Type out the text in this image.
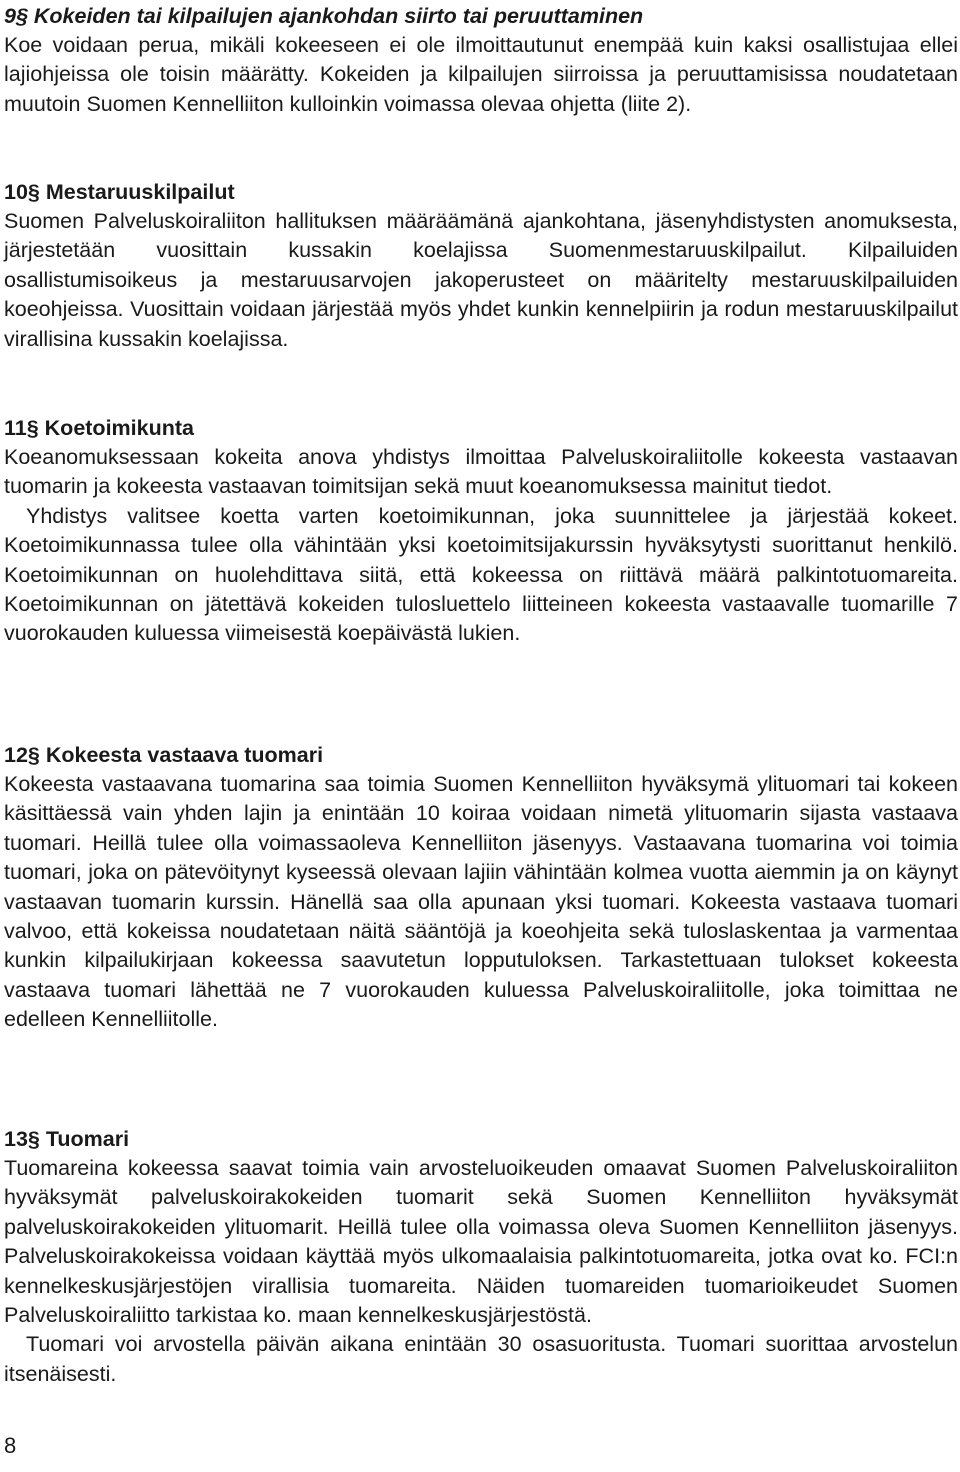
9§ Kokeiden tai kilpailujen ajankohdan siirto tai peruuttaminen

Koe voidaan perua, mikäli kokeeseen ei ole ilmoittautunut enempää kuin kaksi osallistujaa ellei lajiohjeissa ole toisin määrätty. Kokeiden ja kilpailujen siirroissa ja peruuttamisissa noudatetaan muutoin Suomen Kennelliiton kulloinkin voimassa olevaa ohjetta (liite 2).

10§ Mestaruuskilpailut

Suomen Palveluskoiraliiton hallituksen määräämänä ajankohtana, jäsenyhdistysten anomuksesta, järjestetään vuosittain kussakin koelajissa Suomenmestaruuskilpailut. Kilpailuiden osallistumisoikeus ja mestaruusarvojen jakoperusteet on määritelty mestaruuskilpailuiden koeohjeissa. Vuosittain voidaan järjestää myös yhdet kunkin kennelpiirin ja rodun mestaruuskilpailut virallisina kussakin koelajissa.

11§ Koetoimikunta

Koeanomuksessaan kokeita anova yhdistys ilmoittaa Palveluskoiraliitolle kokeesta vastaavan tuomarin ja kokeesta vastaavan toimitsijan sekä muut koeanomuksessa mainitut tiedot.

Yhdistys valitsee koetta varten koetoimikunnan, joka suunnittelee ja järjestää kokeet. Koetoimikunnassa tulee olla vähintään yksi koetoimitsijakurssin hyväksytysti suorittanut henkilö. Koetoimikunnan on huolehdittava siitä, että kokeessa on riittävä määrä palkintotuomareita. Koetoimikunnan on jätettävä kokeiden tulosluettelo liitteineen kokeesta vastaavalle tuomarille 7 vuorokauden kuluessa viimeisestä koepäivästä lukien.

12§ Kokeesta vastaava tuomari

Kokeesta vastaavana tuomarina saa toimia Suomen Kennelliiton hyväksymä ylituomari tai kokeen käsittäessä vain yhden lajin ja enintään 10 koiraa voidaan nimetä ylituomarin sijasta vastaava tuomari. Heillä tulee olla voimassaoleva Kennelliiton jäsenyys. Vastaavana tuomarina voi toimia tuomari, joka on pätevöitynyt kyseessä olevaan lajiin vähintään kolmea vuotta aiemmin ja on käynyt vastaavan tuomarin kurssin. Hänellä saa olla apunaan yksi tuomari. Kokeesta vastaava tuomari valvoo, että kokeissa noudatetaan näitä sääntöjä ja koeohjeita sekä tuloslaskentaa ja varmentaa kunkin kilpailukirjaan kokeessa saavutetun lopputuloksen. Tarkastettuaan tulokset kokeesta vastaava tuomari lähettää ne 7 vuorokauden kuluessa Palveluskoiraliitolle, joka toimittaa ne edelleen Kennelliitolle.

13§ Tuomari

Tuomareina kokeessa saavat toimia vain arvosteluoikeuden omaavat Suomen Palveluskoiraliiton hyväksymät palveluskoirakokeiden tuomarit sekä Suomen Kennelliiton hyväksymät palveluskoirakokeiden ylituomarit. Heillä tulee olla voimassa oleva Suomen Kennelliiton jäsenyys. Palveluskoirakokeissa voidaan käyttää myös ulkomaalaisia palkintotuomareita, jotka ovat ko. FCI:n kennelkeskusjärjestöjen virallisia tuomareita. Näiden tuomareiden tuomarioikeudet Suomen Palveluskoiraliitto tarkistaa ko. maan kennelkeskusjärjestöstä.

Tuomari voi arvostella päivän aikana enintään 30 osasuoritusta. Tuomari suorittaa arvostelun itsenäisesti.

8
